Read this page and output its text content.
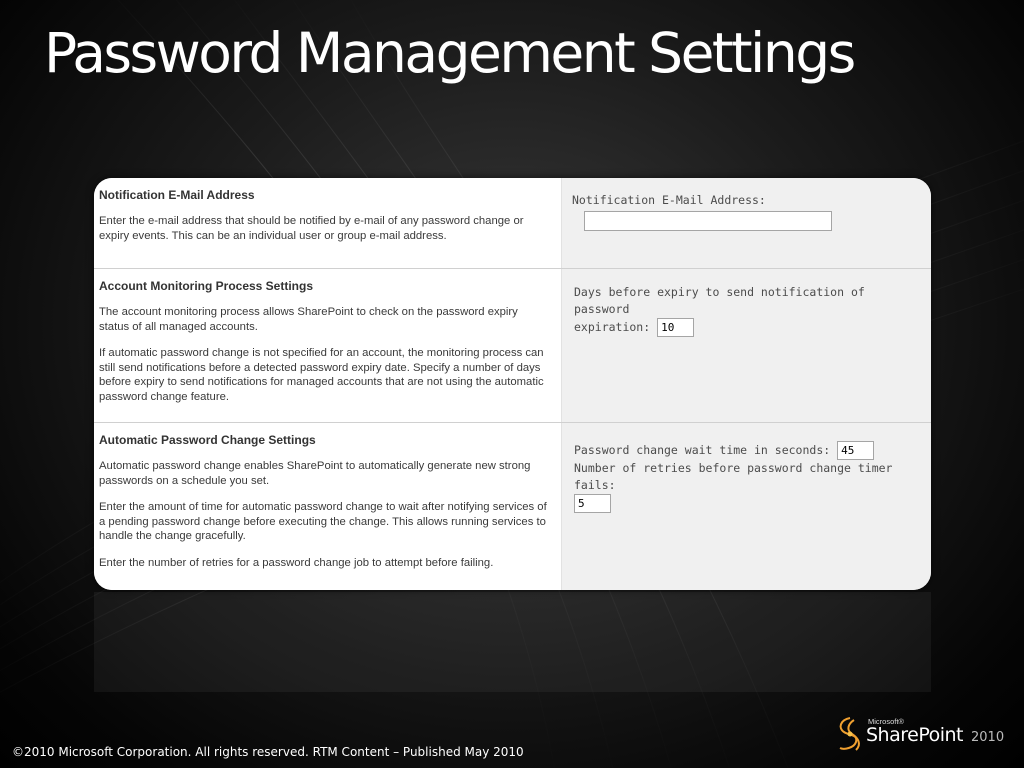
Password Management Settings
Notification E-Mail Address
Enter the e-mail address that should be notified by e-mail of any password change or expiry events. This can be an individual user or group e-mail address.
Notification E-Mail Address:
Account Monitoring Process Settings
The account monitoring process allows SharePoint to check on the password expiry status of all managed accounts.
If automatic password change is not specified for an account, the monitoring process can still send notifications before a detected password expiry date. Specify a number of days before expiry to send notifications for managed accounts that are not using the automatic password change feature.
Days before expiry to send notification of password
expiration: 10
Automatic Password Change Settings
Automatic password change enables SharePoint to automatically generate new strong passwords on a schedule you set.
Enter the amount of time for automatic password change to wait after notifying services of a pending password change before executing the change. This allows running services to handle the change gracefully.
Enter the number of retries for a password change job to attempt before failing.
Password change wait time in seconds: 45
Number of retries before password change timer fails:
5
©2010 Microsoft Corporation. All rights reserved. RTM Content – Published May 2010
Microsoft®
SharePoint 2010
